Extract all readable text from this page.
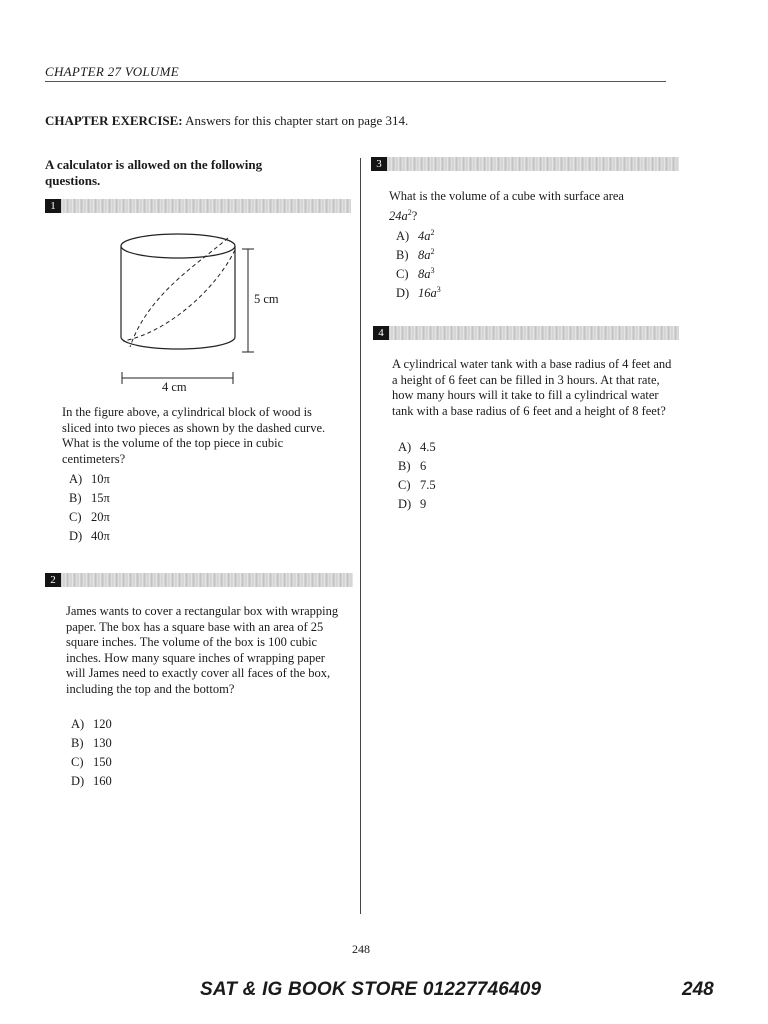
CHAPTER 27 VOLUME
CHAPTER EXERCISE: Answers for this chapter start on page 314.
A calculator is allowed on the following questions.
1
5 cm
4 cm
In the figure above, a cylindrical block of wood is sliced into two pieces as shown by the dashed curve. What is the volume of the top piece in cubic centimeters?
A) 10π
B) 15π
C) 20π
D) 40π
2
James wants to cover a rectangular box with wrapping paper. The box has a square base with an area of 25 square inches. The volume of the box is 100 cubic inches. How many square inches of wrapping paper will James need to exactly cover all faces of the box, including the top and the bottom?
A) 120
B) 130
C) 150
D) 160
3
What is the volume of a cube with surface area
$24a^2$?
A) $4a^2$
B) $8a^2$
C) $8a^3$
D) $16a^3$
4
A cylindrical water tank with a base radius of 4 feet and a height of 6 feet can be filled in 3 hours. At that rate, how many hours will it take to fill a cylindrical water tank with a base radius of 6 feet and a height of 8 feet?
A) 4.5
B) 6
C) 7.5
D) 9
248
SAT & IG BOOK STORE 01227746409	248
